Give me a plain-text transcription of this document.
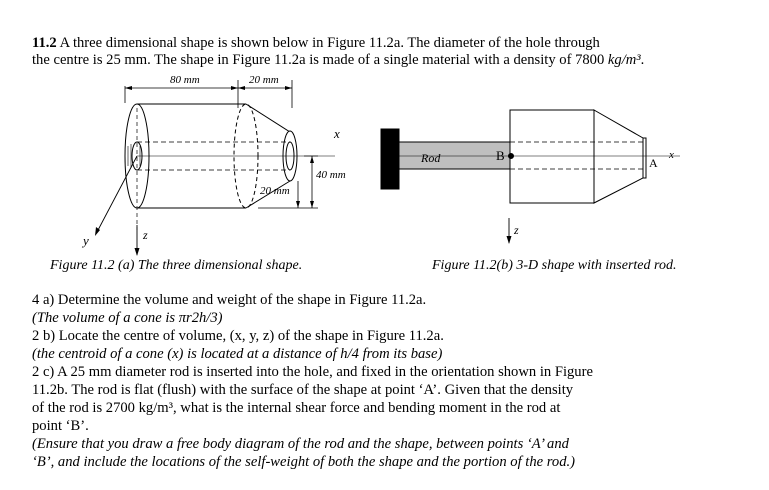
11.2 A three dimensional shape is shown below in Figure 11.2a. The diameter of the hole through
the centre is 25 mm. The shape in Figure 11.2a is made of a single material with a density of 7800 kg/m³.
80 mm	20 mm
40 mm
20 mm
x
y	z
Rod	B	A
x
z
Figure 11.2 (a) The three dimensional shape.	Figure 11.2(b) 3-D shape with inserted rod.
4 a) Determine the volume and weight of the shape in Figure 11.2a.
(The volume of a cone is πr2h/3)
2 b) Locate the centre of volume, (x, y, z) of the shape in Figure 11.2a.
(the centroid of a cone (x) is located at a distance of h/4 from its base)
2 c) A 25 mm diameter rod is inserted into the hole, and fixed in the orientation shown in Figure
11.2b. The rod is flat (flush) with the surface of the shape at point ‘A’. Given that the density
of the rod is 2700 kg/m³, what is the internal shear force and bending moment in the rod at
point ‘B’.
(Ensure that you draw a free body diagram of the rod and the shape, between points ‘A’ and
‘B’, and include the locations of the self-weight of both the shape and the portion of the rod.)
